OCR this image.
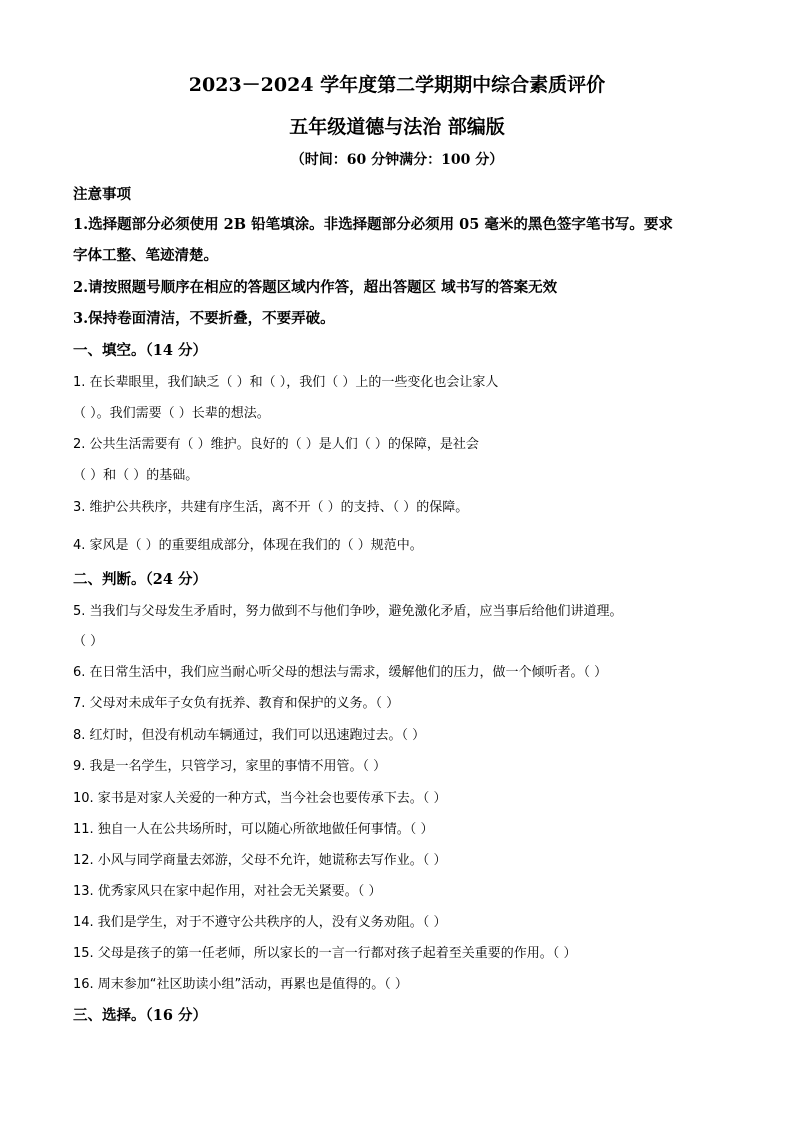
2023－2024 学年度第二学期期中综合素质评价
五年级道德与法治 部编版
（时间：60 分钟满分：100 分）
注意事项
1.选择题部分必须使用 2B 铅笔填涂。非选择题部分必须用 05 毫米的黑色签字笔书写。要求
字体工整、笔迹清楚。
2.请按照题号顺序在相应的答题区域内作答，超出答题区 域书写的答案无效
3.保持卷面清洁，不要折叠，不要弄破。
一、填空。（14 分）
1. 在长辈眼里，我们缺乏（ ）和（ ），我们（ ）上的一些变化也会让家人
（ ）。我们需要（ ）长辈的想法。
2. 公共生活需要有（ ）维护。良好的（ ）是人们（ ）的保障，是社会
（ ）和（ ）的基础。
3. 维护公共秩序，共建有序生活，离不开（ ）的支持、（ ）的保障。
4. 家风是（ ）的重要组成部分，体现在我们的（ ）规范中。
二、判断。（24 分）
5. 当我们与父母发生矛盾时，努力做到不与他们争吵，避免激化矛盾，应当事后给他们讲道理。
（ ）
6. 在日常生活中，我们应当耐心听父母的想法与需求，缓解他们的压力，做一个倾听者。（ ）
7. 父母对未成年子女负有抚养、教育和保护的义务。（ ）
8. 红灯时，但没有机动车辆通过，我们可以迅速跑过去。（ ）
9. 我是一名学生，只管学习，家里的事情不用管。（ ）
10. 家书是对家人关爱的一种方式，当今社会也要传承下去。（ ）
11. 独自一人在公共场所时，可以随心所欲地做任何事情。（ ）
12. 小风与同学商量去郊游，父母不允许，她谎称去写作业。（ ）
13. 优秀家风只在家中起作用，对社会无关紧要。（ ）
14. 我们是学生，对于不遵守公共秩序的人，没有义务劝阻。（ ）
15. 父母是孩子的第一任老师，所以家长的一言一行都对孩子起着至关重要的作用。（ ）
16. 周末参加“社区助读小组”活动，再累也是值得的。（ ）
三、选择。（16 分）
